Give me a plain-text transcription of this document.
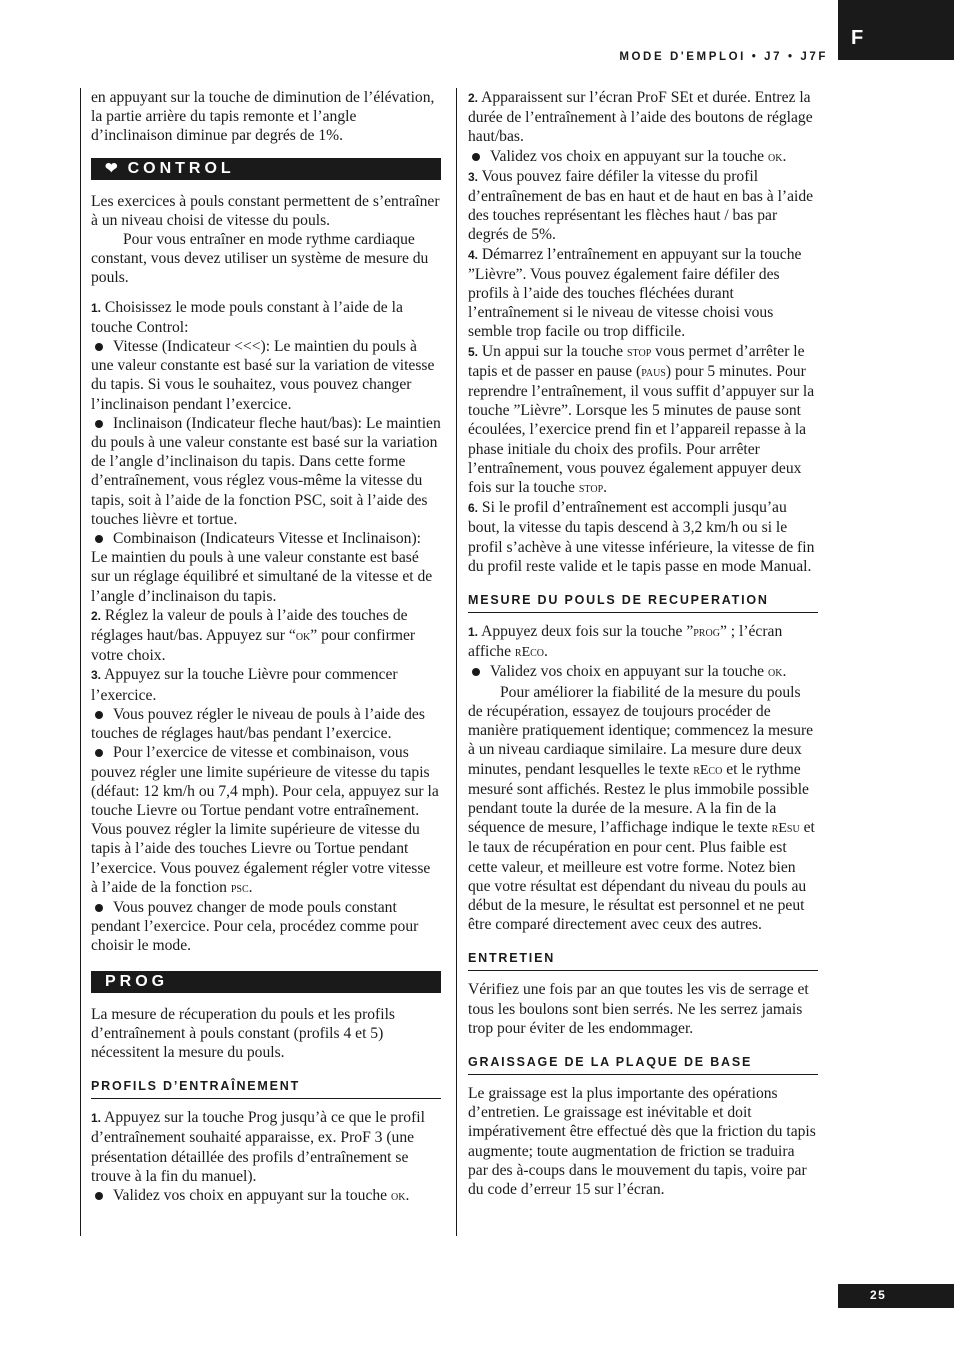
F
MODE D'EMPLOI • J7 • J7F

en appuyant sur la touche de diminution de l’élévation, la partie arrière du tapis remonte et l’angle d’inclinaison diminue par degrés de 1%.

❤ CONTROL

Les exercices à pouls constant permettent de s’entraîner à un niveau choisi de vitesse du pouls.

Pour vous entraîner en mode rythme cardiaque constant, vous devez utiliser un système de mesure du pouls.

1. Choisissez le mode pouls constant à l’aide de la touche Control:

Vitesse (Indicateur <<<): Le maintien du pouls à une valeur constante est basé sur la variation de vitesse du tapis. Si vous le souhaitez, vous pouvez changer l’inclinaison pendant l’exercice.

Inclinaison (Indicateur fleche haut/bas): Le maintien du pouls à une valeur constante est basé sur la variation de l’angle d’inclinaison du tapis. Dans cette forme d’entraînement, vous réglez vous-même la vitesse du tapis, soit à l’aide de la fonction PSC, soit à l’aide des touches lièvre et tortue.

Combinaison (Indicateurs Vitesse et Inclinaison): Le maintien du pouls à une valeur constante est basé sur un réglage équilibré et simultané de la vitesse et de l’angle d’inclinaison du tapis.

2. Réglez la valeur de pouls à l’aide des touches de réglages haut/bas. Appuyez sur “ok” pour confirmer votre choix.

3. Appuyez sur la touche Lièvre pour commencer l’exercice.

Vous pouvez régler le niveau de pouls à l’aide des touches de réglages haut/bas pendant l’exercice.

Pour l’exercice de vitesse et combinaison, vous pouvez régler une limite supérieure de vitesse du tapis (défaut: 12 km/h ou 7,4 mph). Pour cela, appuyez sur la touche Lievre ou Tortue pendant votre entraînement. Vous pouvez régler la limite supérieure de vitesse du tapis à l’aide des touches Lievre ou Tortue pendant l’exercice. Vous pouvez également régler votre vitesse à l’aide de la fonction psc.

Vous pouvez changer de mode pouls constant pendant l’exercice. Pour cela, procédez comme pour choisir le mode.

PROG

La mesure de récuperation du pouls et les profils d’entraînement à pouls constant (profils 4 et 5) nécessitent la mesure du pouls.

PROFILS D’ENTRAÎNEMENT

1. Appuyez sur la touche Prog jusqu’à ce que le profil d’entraînement souhaité apparaisse, ex. ProF 3 (une présentation détaillée des profils d’entraînement se trouve à la fin du manuel).

Validez vos choix en appuyant sur la touche ok.

2. Apparaissent sur l’écran ProF SEt et durée. Entrez la durée de l’entraînement à l’aide des boutons de réglage haut/bas.

Validez vos choix en appuyant sur la touche ok.

3. Vous pouvez faire défiler la vitesse du profil d’entraînement de bas en haut et de haut en bas à l’aide des touches représentant les flèches haut / bas par degrés de 5%.

4. Démarrez l’entraînement en appuyant sur la touche ”Lièvre”. Vous pouvez également faire défiler des profils à l’aide des touches fléchées durant l’entraînement si le niveau de vitesse choisi vous semble trop facile ou trop difficile.

5. Un appui sur la touche stop vous permet d’arrêter le tapis et de passer en pause (paus) pour 5 minutes. Pour reprendre l’entraînement, il vous suffit d’appuyer sur la touche ”Lièvre”. Lorsque les 5 minutes de pause sont écoulées, l’exercice prend fin et l’appareil repasse à la phase initiale du choix des profils. Pour arrêter l’entraînement, vous pouvez également appuyer deux fois sur la touche stop.

6. Si le profil d’entraînement est accompli jusqu’au bout, la vitesse du tapis descend à 3,2 km/h ou si le profil s’achève à une vitesse inférieure, la vitesse de fin du profil reste valide et le tapis passe en mode Manual.

MESURE DU POULS DE RECUPERATION

1. Appuyez deux fois sur la touche ”prog” ; l’écran affiche rEco.

Validez vos choix en appuyant sur la touche ok.

Pour améliorer la fiabilité de la mesure du pouls de récupération, essayez de toujours procéder de manière pratiquement identique; commencez la mesure à un niveau cardiaque similaire. La mesure dure deux minutes, pendant lesquelles le texte rEco et le rythme mesuré sont affichés. Restez le plus immobile possible pendant toute la durée de la mesure. A la fin de la séquence de mesure, l’affichage indique le texte rEsu et le taux de récupération en pour cent. Plus faible est cette valeur, et meilleure est votre forme. Notez bien que votre résultat est dépendant du niveau du pouls au début de la mesure, le résultat est personnel et ne peut être comparé directement avec ceux des autres.

ENTRETIEN

Vérifiez une fois par an que toutes les vis de serrage et tous les boulons sont bien serrés. Ne les serrez jamais trop pour éviter de les endommager.

GRAISSAGE DE LA PLAQUE DE BASE

Le graissage est la plus importante des opérations d’entretien. Le graissage est inévitable et doit impérativement être effectué dès que la friction du tapis augmente; toute augmentation de friction se traduira par des à-coups dans le mouvement du tapis, voire par du code d’erreur 15 sur l’écran.

25
